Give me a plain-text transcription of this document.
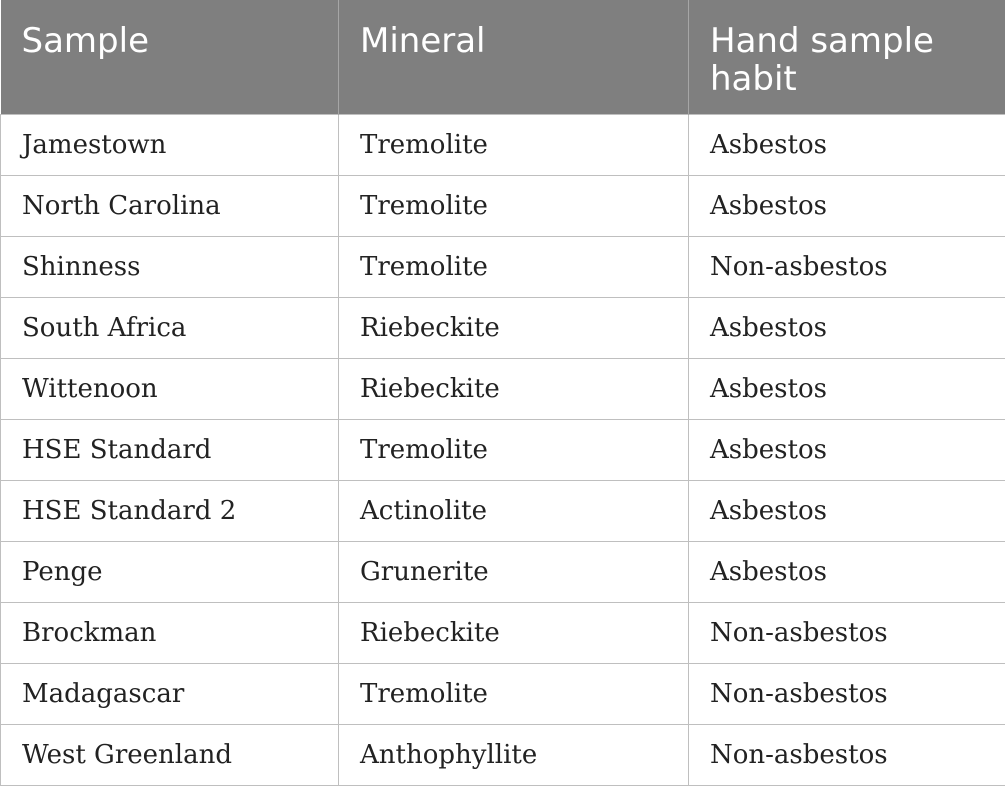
Sample	Mineral	Hand sample habit
Jamestown	Tremolite	Asbestos
North Carolina	Tremolite	Asbestos
Shinness	Tremolite	Non-asbestos
South Africa	Riebeckite	Asbestos
Wittenoon	Riebeckite	Asbestos
HSE Standard	Tremolite	Asbestos
HSE Standard 2	Actinolite	Asbestos
Penge	Grunerite	Asbestos
Brockman	Riebeckite	Non-asbestos
Madagascar	Tremolite	Non-asbestos
West Greenland	Anthophyllite	Non-asbestos
